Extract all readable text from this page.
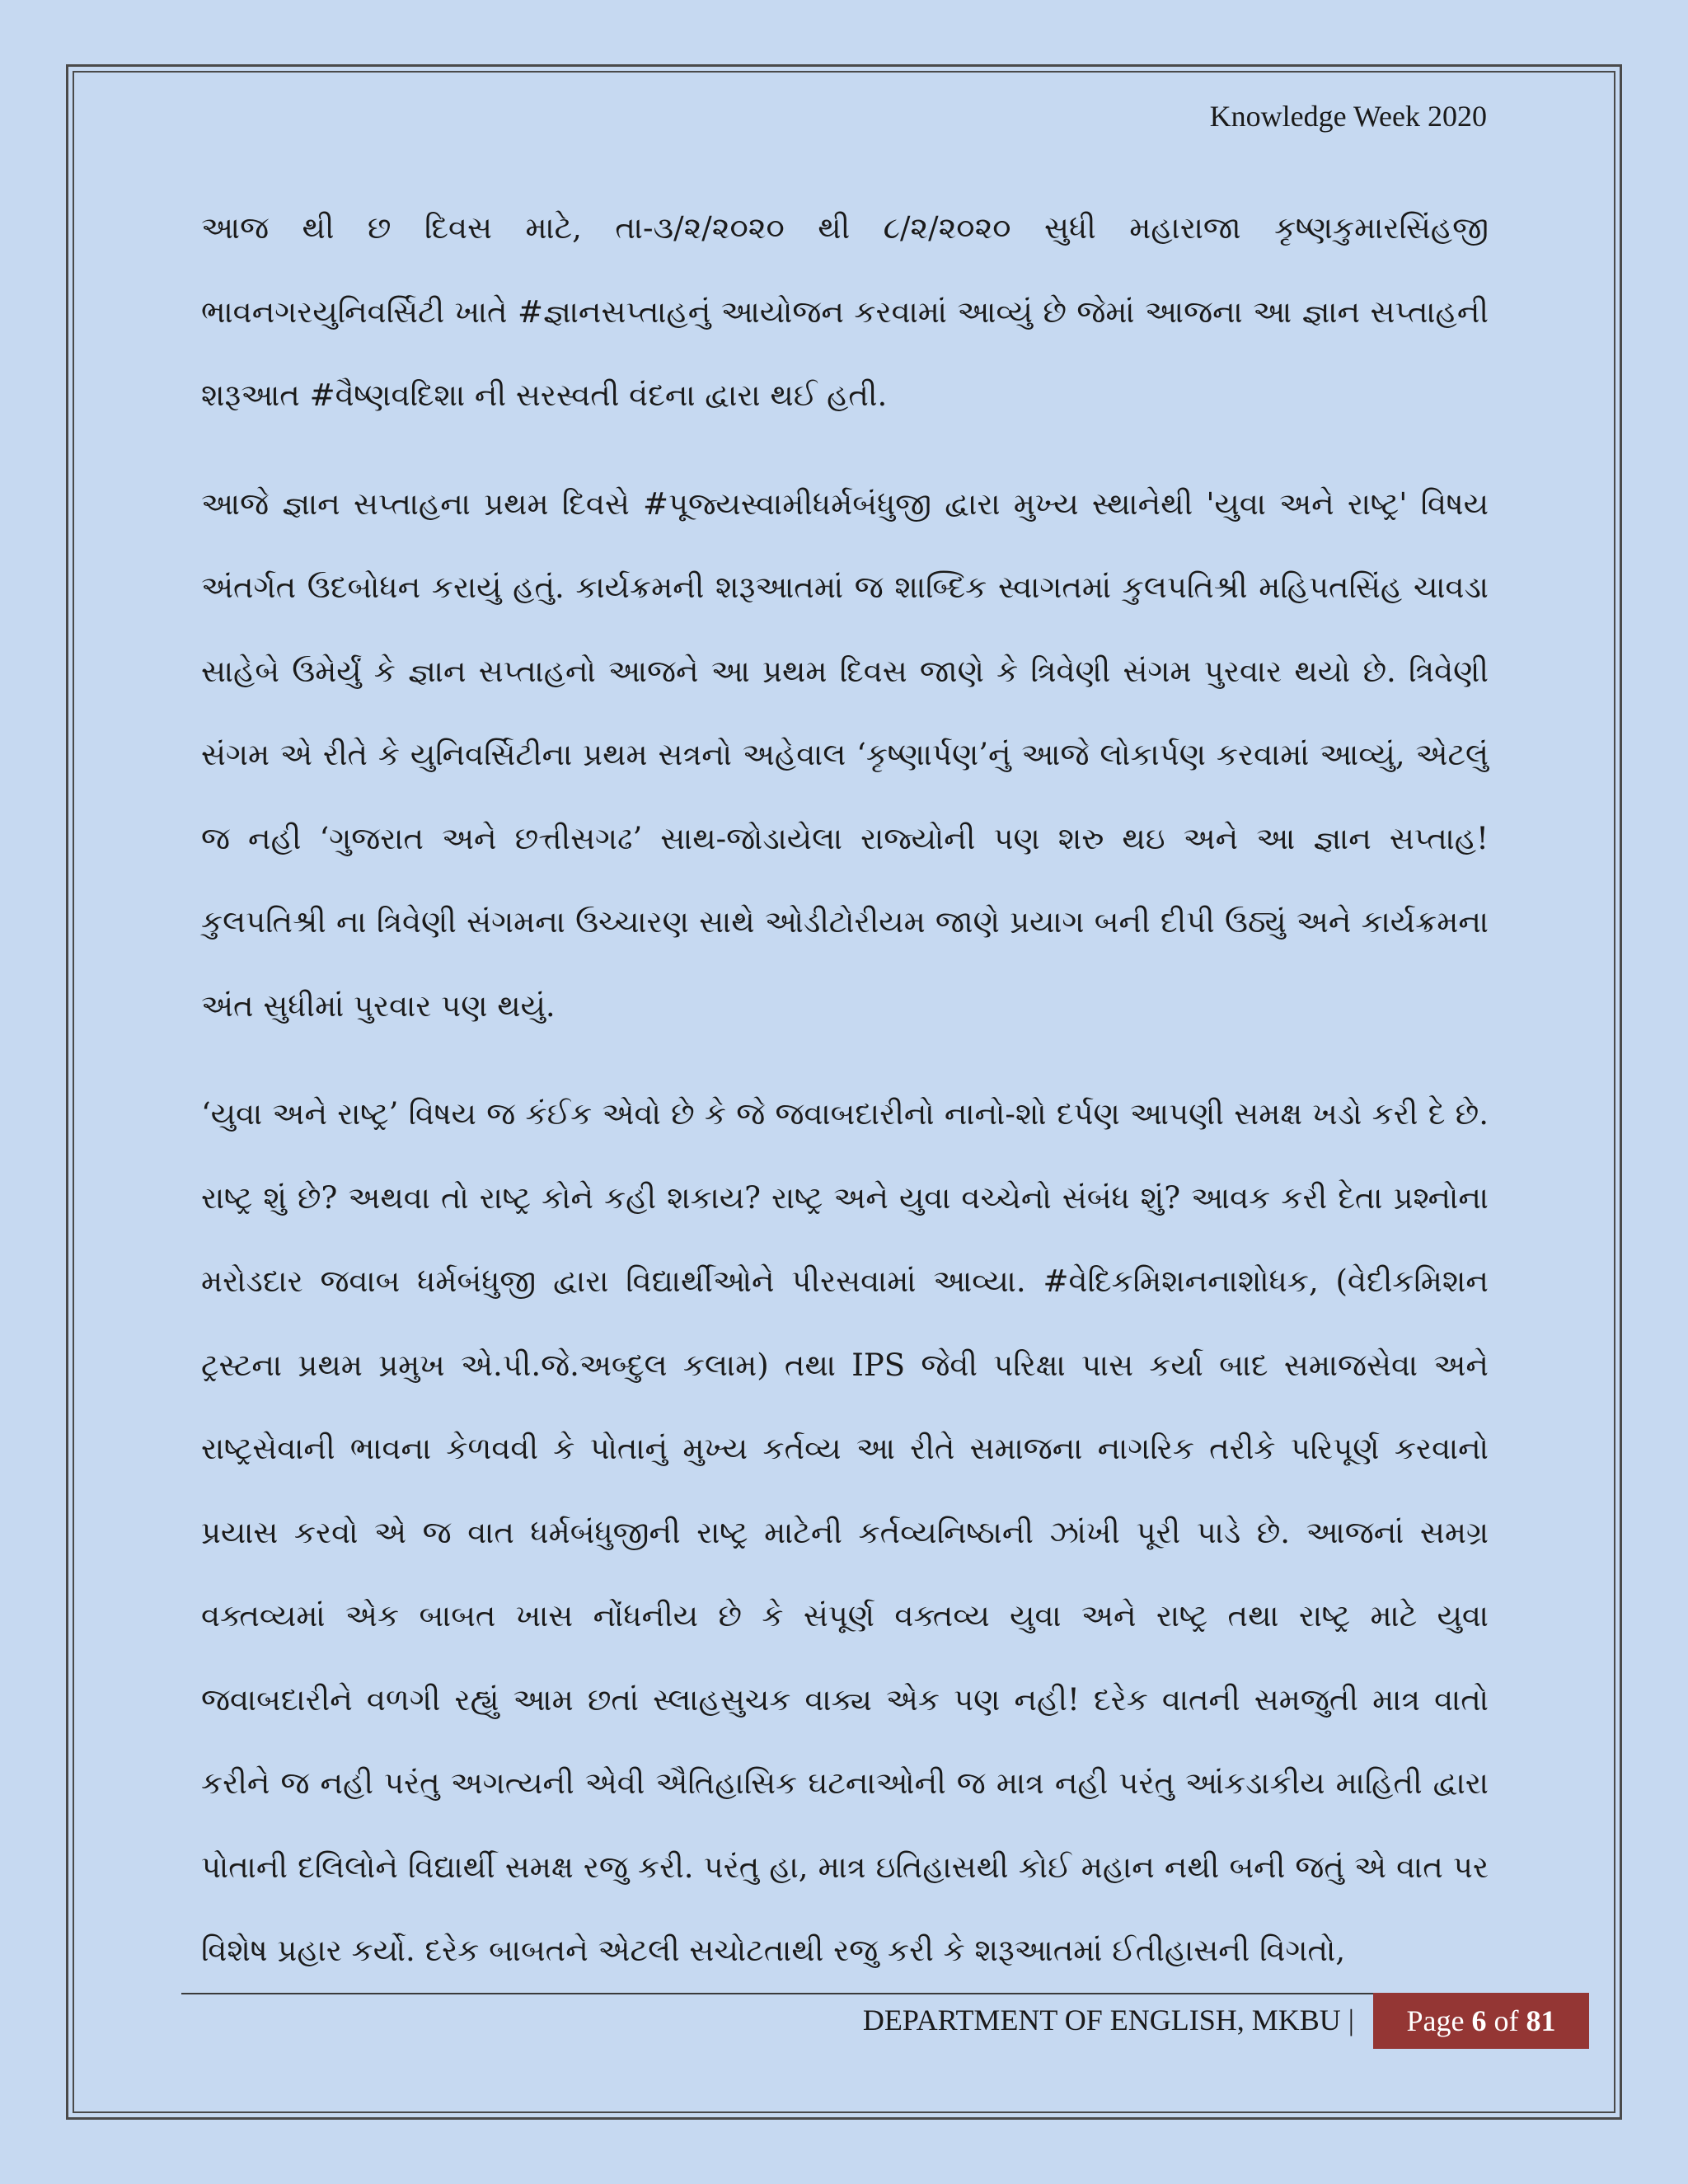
Knowledge Week 2020

આજ થી છ દિવસ માટે, તા-૩/૨/૨૦૨૦ થી ૮/૨/૨૦૨૦ સુધી મહારાજા કૃષ્ણકુમારસિંહજી ભાવનગરયુનિવર્સિટી ખાતે #જ્ઞાનસપ્તાહનું આયોજન કરવામાં આવ્યું છે જેમાં આજના આ જ્ઞાન સપ્તાહની શરૂઆત #વૈષ્ણવદિશા ની સરસ્વતી વંદના દ્વારા થઈ હતી.

આજે જ્ઞાન સપ્તાહના પ્રથમ દિવસે #પૂજ્યસ્વામીધર્મબંધુજી દ્વારા મુખ્ય સ્થાનેથી 'યુવા અને રાષ્ટ્ર' વિષય અંતર્ગત ઉદબોધન કરાયું હતું. કાર્યક્રમની શરૂઆતમાં જ શાબ્દિક સ્વાગતમાં કુલપતિશ્રી મહિપતસિંહ ચાવડા સાહેબે ઉમેર્યું કે જ્ઞાન સપ્તાહનો આજને આ પ્રથમ દિવસ જાણે કે ત્રિવેણી સંગમ પુરવાર થયો છે. ત્રિવેણી સંગમ એ રીતે કે યુનિવર્સિટીના પ્રથમ સત્રનો અહેવાલ ‘કૃષ્ણાર્પણ’નું આજે લોકાર્પણ કરવામાં આવ્યું, એટલું જ નહી ‘ગુજરાત અને છત્તીસગઢ’ સાથ-જોડાયેલા રાજ્યોની પણ શરુ થઇ અને આ જ્ઞાન સપ્તાહ! કુલપતિશ્રી ના ત્રિવેણી સંગમના ઉચ્ચારણ સાથે ઓડીટોરીયમ જાણે પ્રયાગ બની દીપી ઉઠ્યું અને કાર્યક્રમના અંત સુધીમાં પુરવાર પણ થયું.

‘યુવા અને રાષ્ટ્ર’ વિષય જ કંઈક એવો છે કે જે જવાબદારીનો નાનો-શો દર્પણ આપણી સમક્ષ ખડો કરી દે છે. રાષ્ટ્ર શું છે? અથવા તો રાષ્ટ્ર કોને કહી શકાય? રાષ્ટ્ર અને યુવા વચ્ચેનો સંબંધ શું? આવક કરી દેતા પ્રશ્નોના મરોડદાર જવાબ ધર્મબંધુજી દ્વારા વિદ્યાર્થીઓને પીરસવામાં આવ્યા. #વેદિકમિશનનાશોધક, (વેદીકમિશન ટ્રસ્ટના પ્રથમ પ્રમુખ એ.પી.જે.અબ્દુલ કલામ) તથા IPS જેવી પરિક્ષા પાસ કર્યા બાદ સમાજસેવા અને રાષ્ટ્રસેવાની ભાવના કેળવવી કે પોતાનું મુખ્ય કર્તવ્ય આ રીતે સમાજના નાગરિક તરીકે પરિપૂર્ણ કરવાનો પ્રયાસ કરવો એ જ વાત ધર્મબંધુજીની રાષ્ટ્ર માટેની કર્તવ્યનિષ્ઠાની ઝાંખી પૂરી પાડે છે. આજનાં સમગ્ર વક્તવ્યમાં એક બાબત ખાસ નોંધનીય છે કે સંપૂર્ણ વક્તવ્ય યુવા અને રાષ્ટ્ર તથા રાષ્ટ્ર માટે યુવા જવાબદારીને વળગી રહ્યું આમ છતાં સ્લાહસુચક વાક્ય એક પણ નહી! દરેક વાતની સમજુતી માત્ર વાતો કરીને જ નહી પરંતુ અગત્યની એવી ઐતિહાસિક ઘટનાઓની જ માત્ર નહી પરંતુ આંકડાકીય માહિતી દ્વારા પોતાની દલિલોને વિદ્યાર્થી સમક્ષ રજુ કરી. પરંતુ હા, માત્ર ઇતિહાસથી કોઈ મહાન નથી બની જતું એ વાત પર વિશેષ પ્રહાર કર્યો. દરેક બાબતને એટલી સચોટતાથી રજુ કરી કે શરૂઆતમાં ઈતીહાસની વિગતો,

DEPARTMENT OF ENGLISH, MKBU | Page
6
of
81
